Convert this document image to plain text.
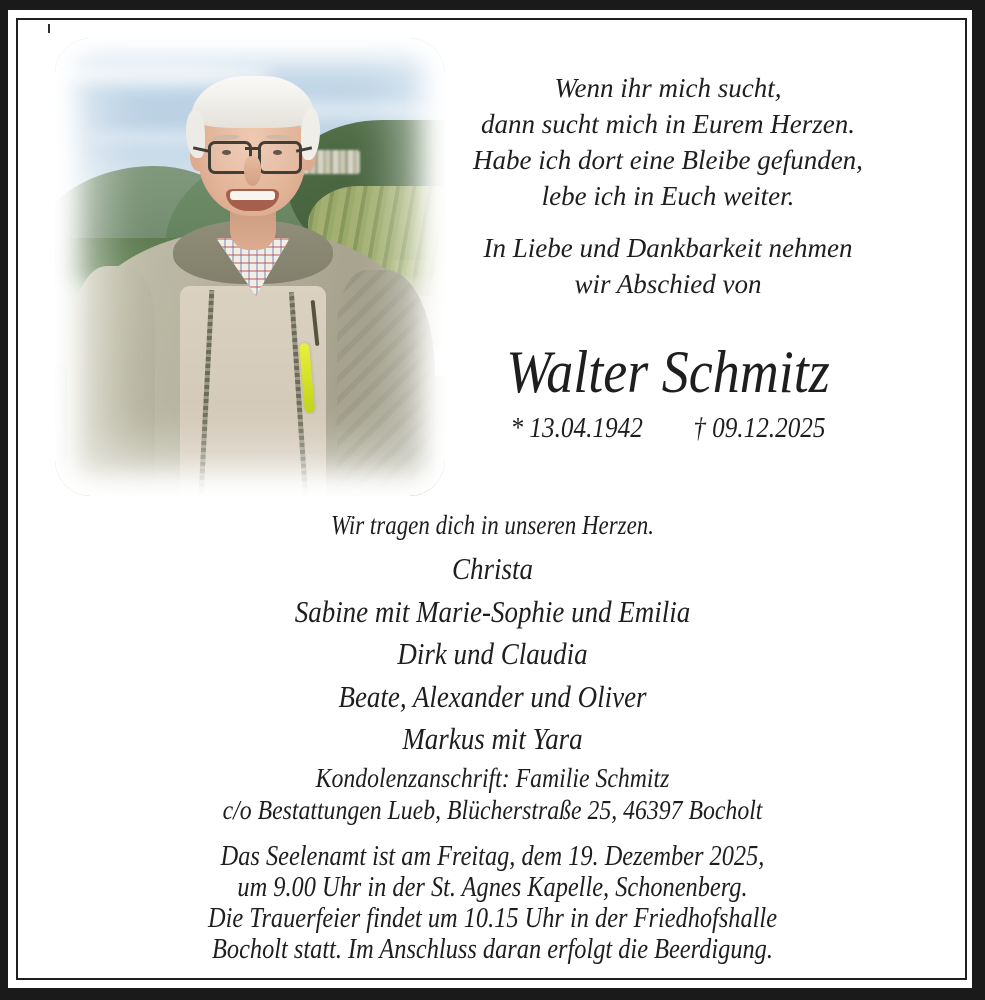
Wenn ihr mich sucht,
dann sucht mich in Eurem Herzen.
Habe ich dort eine Bleibe gefunden,
lebe ich in Euch weiter.
In Liebe und Dankbarkeit nehmen
wir Abschied von
Walter Schmitz
* 13.04.1942 † 09.12.2025
Wir tragen dich in unseren Herzen.
Christa
Sabine mit Marie-Sophie und Emilia
Dirk und Claudia
Beate, Alexander und Oliver
Markus mit Yara
Kondolenzanschrift: Familie Schmitz
c/o Bestattungen Lueb, Blücherstraße 25, 46397 Bocholt
Das Seelenamt ist am Freitag, dem 19. Dezember 2025,
um 9.00 Uhr in der St. Agnes Kapelle, Schonenberg.
Die Trauerfeier findet um 10.15 Uhr in der Friedhofshalle
Bocholt statt. Im Anschluss daran erfolgt die Beerdigung.
